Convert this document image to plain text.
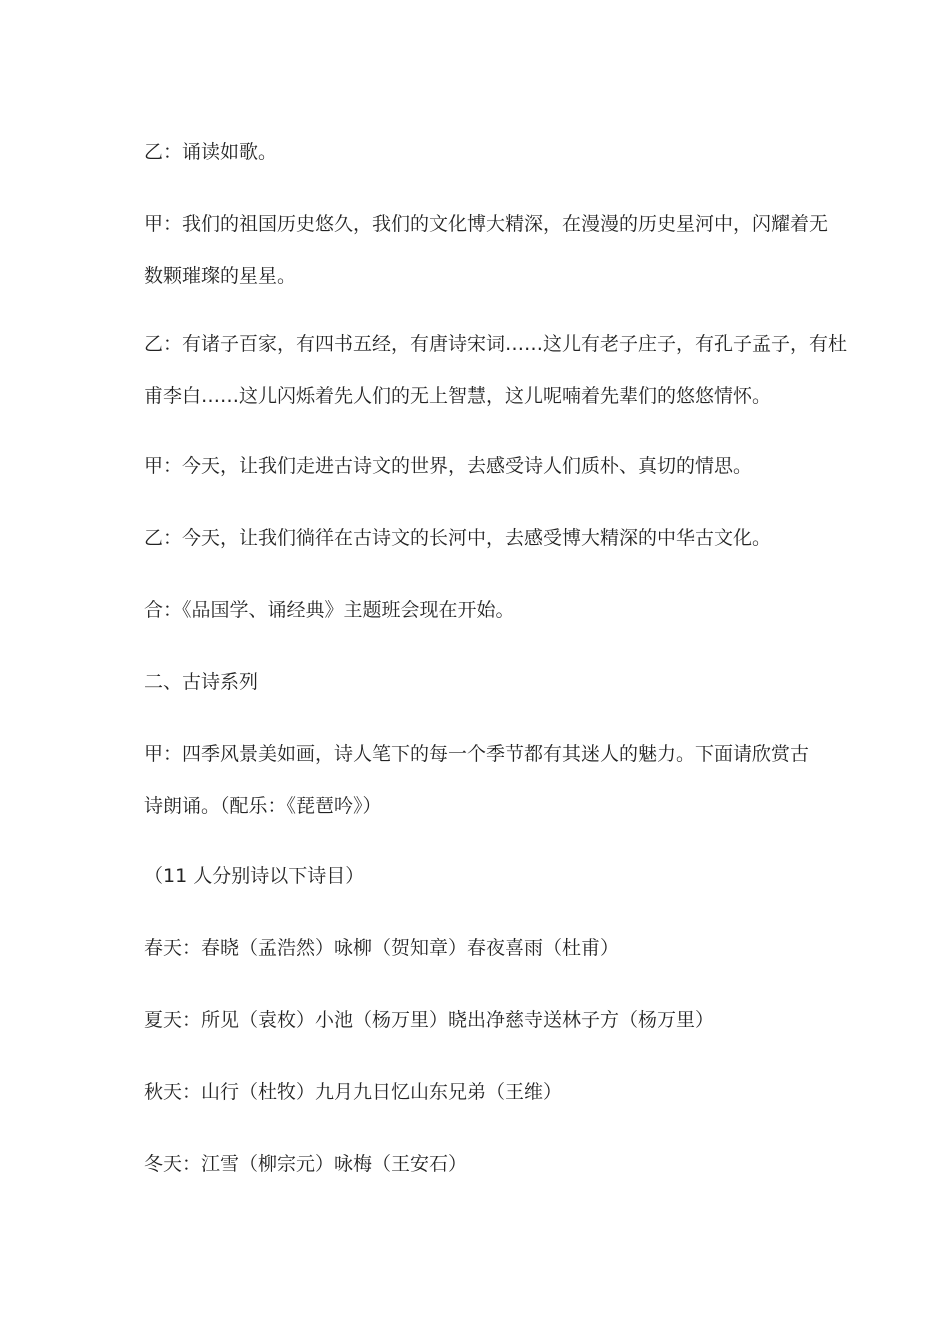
乙：诵读如歌。

甲：我们的祖国历史悠久，我们的文化博大精深，在漫漫的历史星河中，闪耀着无
数颗璀璨的星星。

乙：有诸子百家，有四书五经，有唐诗宋词……这儿有老子庄子，有孔子孟子，有杜
甫李白……这儿闪烁着先人们的无上智慧，这儿呢喃着先辈们的悠悠情怀。

甲：今天，让我们走进古诗文的世界，去感受诗人们质朴、真切的情思。

乙：今天，让我们徜徉在古诗文的长河中，去感受博大精深的中华古文化。

合：《品国学、诵经典》主题班会现在开始。

二、古诗系列

甲：四季风景美如画，诗人笔下的每一个季节都有其迷人的魅力。下面请欣赏古
诗朗诵。（配乐：《琵琶吟》）

（11 人分别诗以下诗目）

春天：春晓（孟浩然）咏柳（贺知章）春夜喜雨（杜甫）

夏天：所见（袁枚）小池（杨万里）晓出净慈寺送林子方（杨万里）

秋天：山行（杜牧）九月九日忆山东兄弟（王维）

冬天：江雪（柳宗元）咏梅（王安石）
